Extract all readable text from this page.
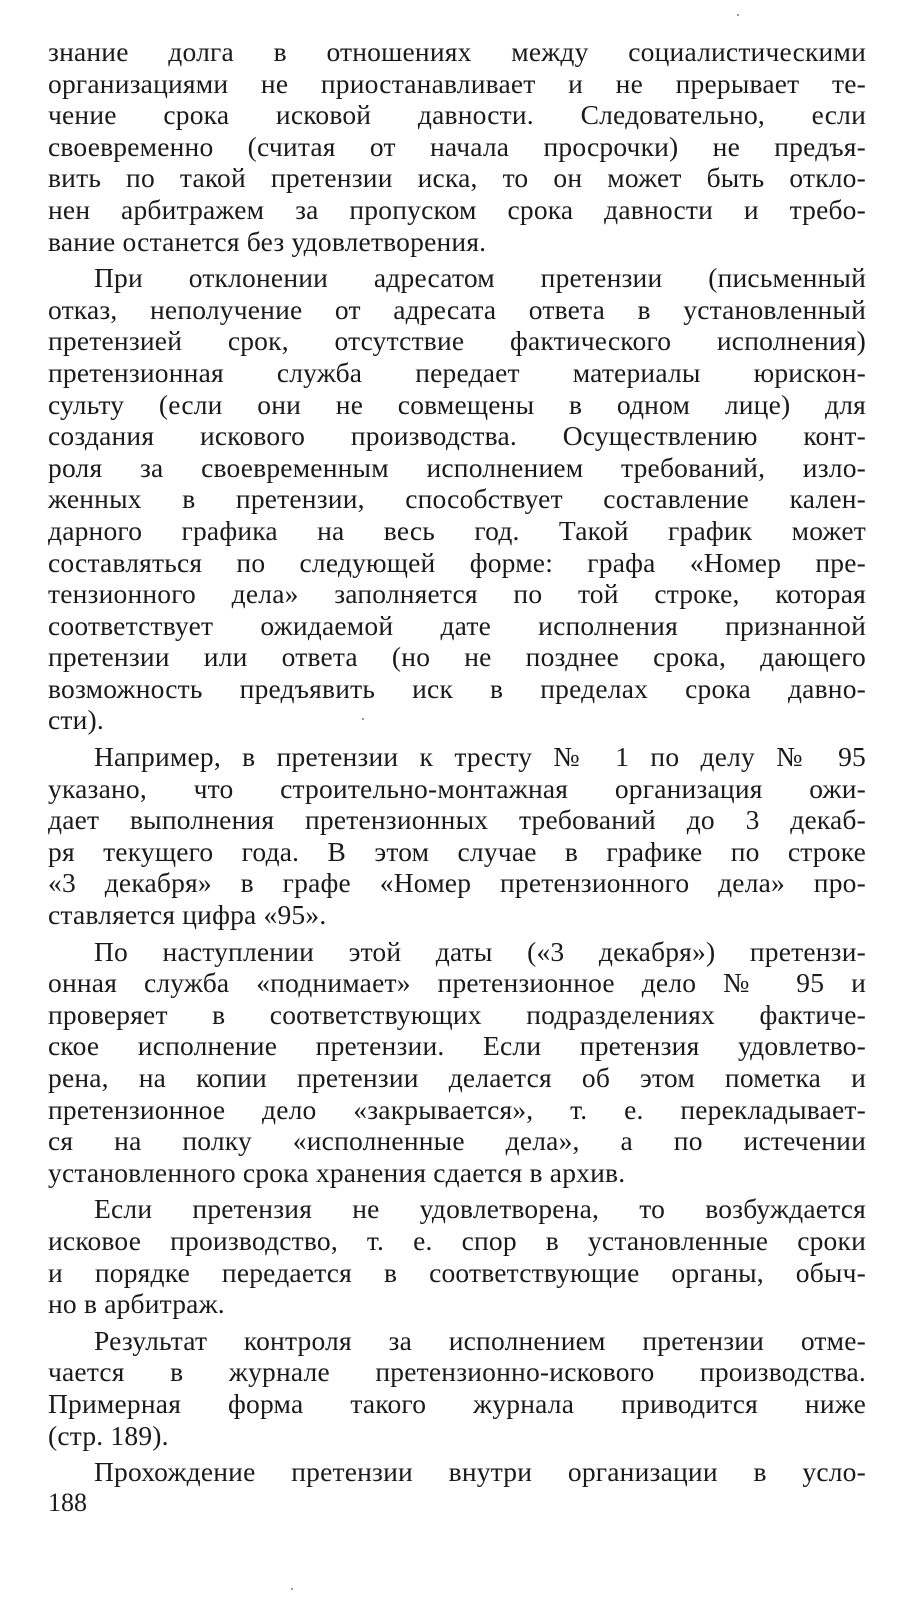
знание долга в отношениях между социалистическими
организациями не приостанавливает и не прерывает те-
чение срока исковой давности. Следовательно, если
своевременно (считая от начала просрочки) не предъя-
вить по такой претензии иска, то он может быть откло-
нен арбитражем за пропуском срока давности и требо-
вание останется без удовлетворения.
При отклонении адресатом претензии (письменный
отказ, неполучение от адресата ответа в установленный
претензией срок, отсутствие фактического исполнения)
претензионная служба передает материалы юрискон-
сульту (если они не совмещены в одном лице) для
создания искового производства. Осуществлению конт-
роля за своевременным исполнением требований, изло-
женных в претензии, способствует составление кален-
дарного графика на весь год. Такой график может
составляться по следующей форме: графа «Номер пре-
тензионного дела» заполняется по той строке, которая
соответствует ожидаемой дате исполнения признанной
претензии или ответа (но не позднее срока, дающего
возможность предъявить иск в пределах срока давно-
сти).
Например, в претензии к тресту № 1 по делу № 95
указано, что строительно-монтажная организация ожи-
дает выполнения претензионных требований до 3 декаб-
ря текущего года. В этом случае в графике по строке
«3 декабря» в графе «Номер претензионного дела» про-
ставляется цифра «95».
По наступлении этой даты («3 декабря») претензи-
онная служба «поднимает» претензионное дело № 95 и
проверяет в соответствующих подразделениях фактиче-
ское исполнение претензии. Если претензия удовлетво-
рена, на копии претензии делается об этом пометка и
претензионное дело «закрывается», т. е. перекладывает-
ся на полку «исполненные дела», а по истечении
установленного срока хранения сдается в архив.
Если претензия не удовлетворена, то возбуждается
исковое производство, т. е. спор в установленные сроки
и порядке передается в соответствующие органы, обыч-
но в арбитраж.
Результат контроля за исполнением претензии отме-
чается в журнале претензионно-искового производства.
Примерная форма такого журнала приводится ниже
(стр. 189).
Прохождение претензии внутри организации в усло-
188
